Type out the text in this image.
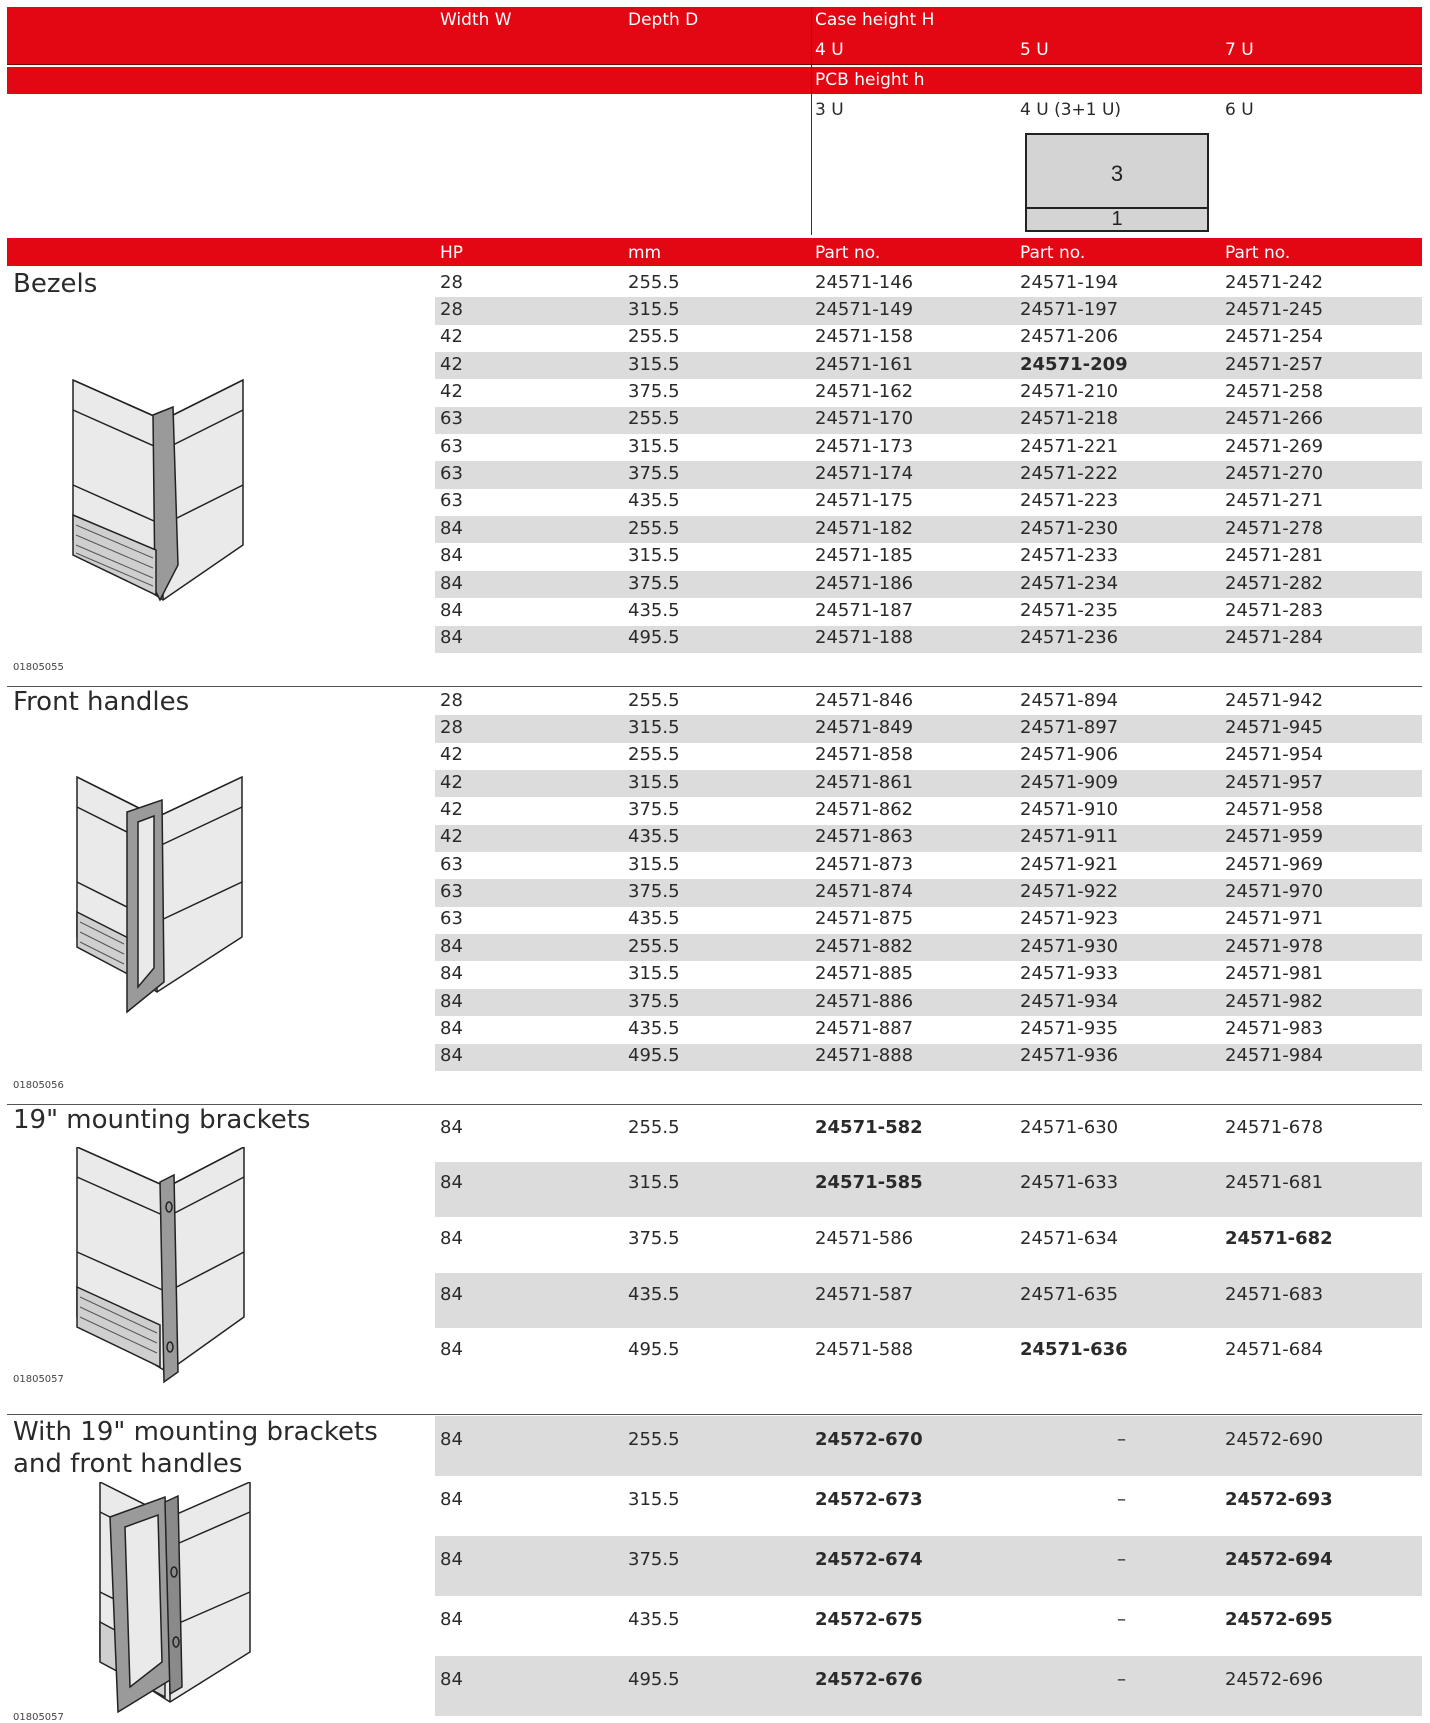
Width W	Depth D	Case height H
4 U	5 U	7 U
PCB height h
3 U	4 U (3+1 U)	6 U
3
1
HP	mm	Part no.	Part no.	Part no.
Bezels
01805055
28	255.5	24571-146	24571-194	24571-242
28	315.5	24571-149	24571-197	24571-245
42	255.5	24571-158	24571-206	24571-254
42	315.5	24571-161	24571-209	24571-257
42	375.5	24571-162	24571-210	24571-258
63	255.5	24571-170	24571-218	24571-266
63	315.5	24571-173	24571-221	24571-269
63	375.5	24571-174	24571-222	24571-270
63	435.5	24571-175	24571-223	24571-271
84	255.5	24571-182	24571-230	24571-278
84	315.5	24571-185	24571-233	24571-281
84	375.5	24571-186	24571-234	24571-282
84	435.5	24571-187	24571-235	24571-283
84	495.5	24571-188	24571-236	24571-284
Front handles
01805056
28	255.5	24571-846	24571-894	24571-942
28	315.5	24571-849	24571-897	24571-945
42	255.5	24571-858	24571-906	24571-954
42	315.5	24571-861	24571-909	24571-957
42	375.5	24571-862	24571-910	24571-958
42	435.5	24571-863	24571-911	24571-959
63	315.5	24571-873	24571-921	24571-969
63	375.5	24571-874	24571-922	24571-970
63	435.5	24571-875	24571-923	24571-971
84	255.5	24571-882	24571-930	24571-978
84	315.5	24571-885	24571-933	24571-981
84	375.5	24571-886	24571-934	24571-982
84	435.5	24571-887	24571-935	24571-983
84	495.5	24571-888	24571-936	24571-984
19" mounting brackets
01805057
84	255.5	24571-582	24571-630	24571-678
84	315.5	24571-585	24571-633	24571-681
84	375.5	24571-586	24571-634	24571-682
84	435.5	24571-587	24571-635	24571-683
84	495.5	24571-588	24571-636	24571-684
With 19" mounting brackets and front handles
01805057
84	255.5	24572-670	–	24572-690
84	315.5	24572-673	–	24572-693
84	375.5	24572-674	–	24572-694
84	435.5	24572-675	–	24572-695
84	495.5	24572-676	–	24572-696
